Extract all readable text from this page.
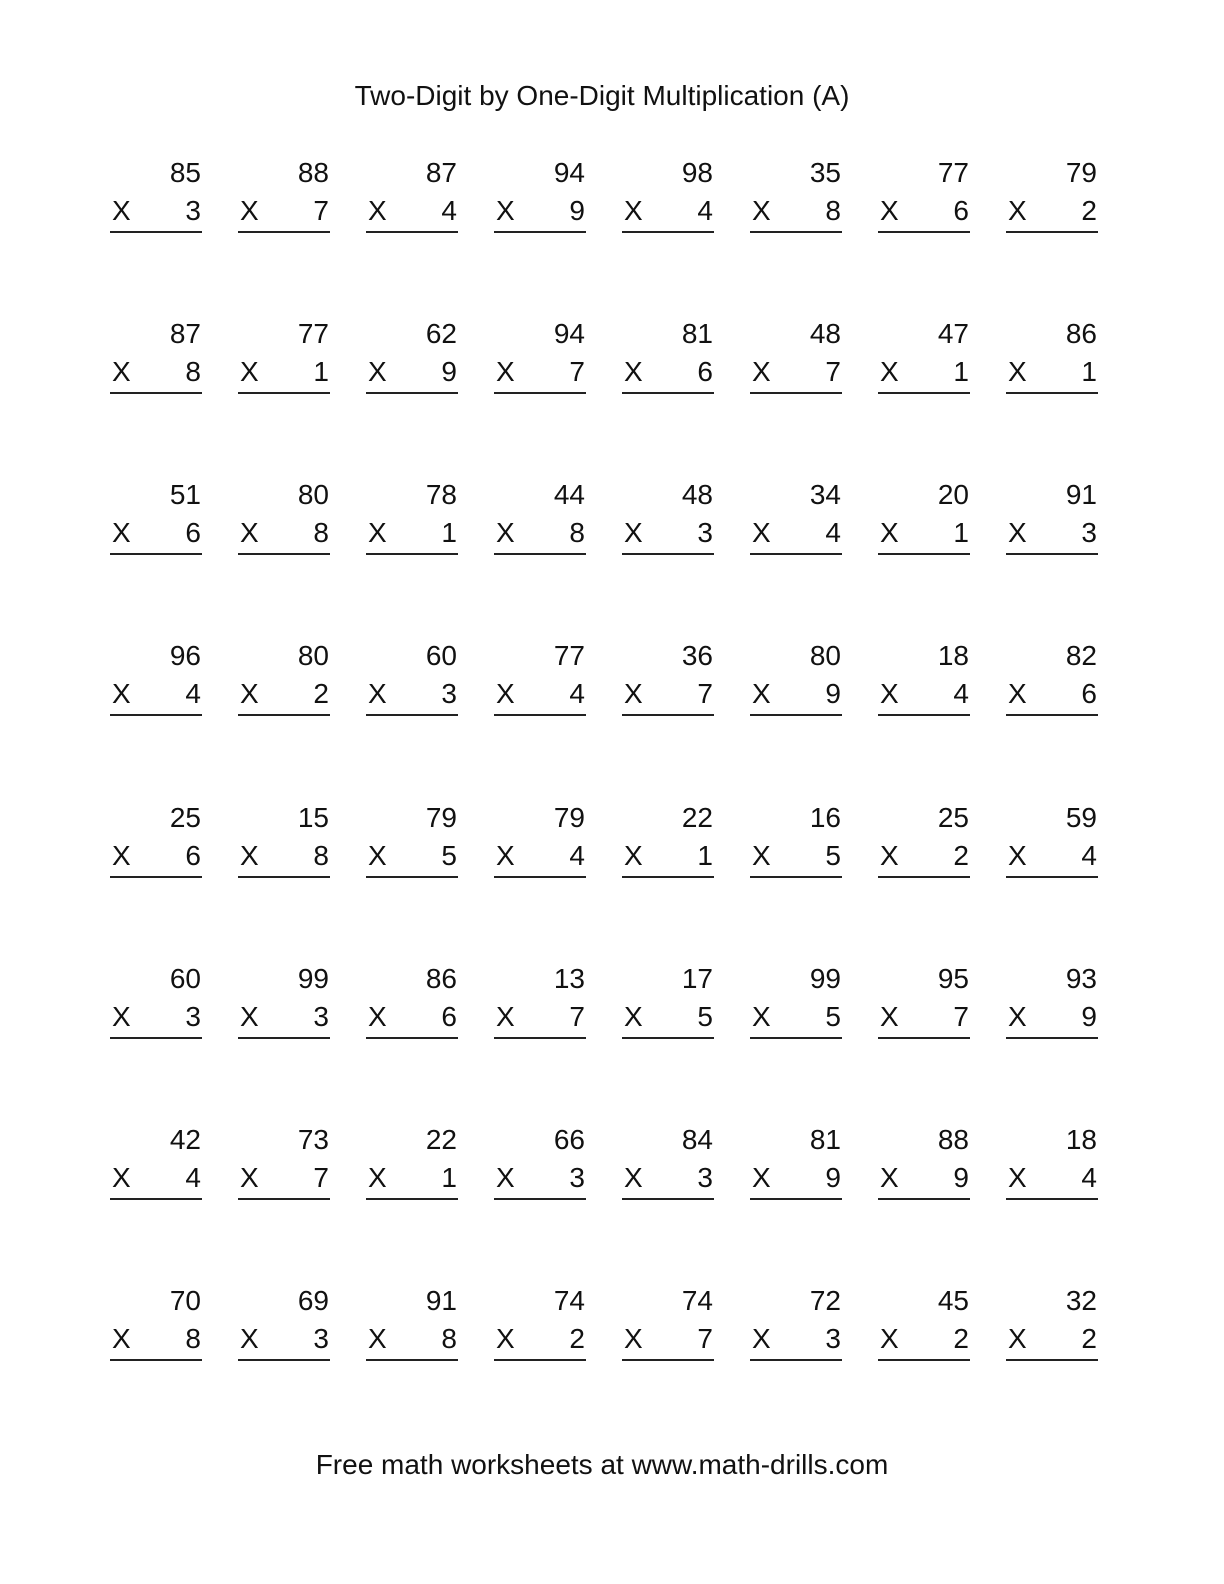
Two-Digit by One-Digit Multiplication (A)
85
X 3
88
X 7
87
X 4
94
X 9
98
X 4
35
X 8
77
X 6
79
X 2
87
X 8
77
X 1
62
X 9
94
X 7
81
X 6
48
X 7
47
X 1
86
X 1
51
X 6
80
X 8
78
X 1
44
X 8
48
X 3
34
X 4
20
X 1
91
X 3
96
X 4
80
X 2
60
X 3
77
X 4
36
X 7
80
X 9
18
X 4
82
X 6
25
X 6
15
X 8
79
X 5
79
X 4
22
X 1
16
X 5
25
X 2
59
X 4
60
X 3
99
X 3
86
X 6
13
X 7
17
X 5
99
X 5
95
X 7
93
X 9
42
X 4
73
X 7
22
X 1
66
X 3
84
X 3
81
X 9
88
X 9
18
X 4
70
X 8
69
X 3
91
X 8
74
X 2
74
X 7
72
X 3
45
X 2
32
X 2
Free math worksheets at www.math-drills.com
